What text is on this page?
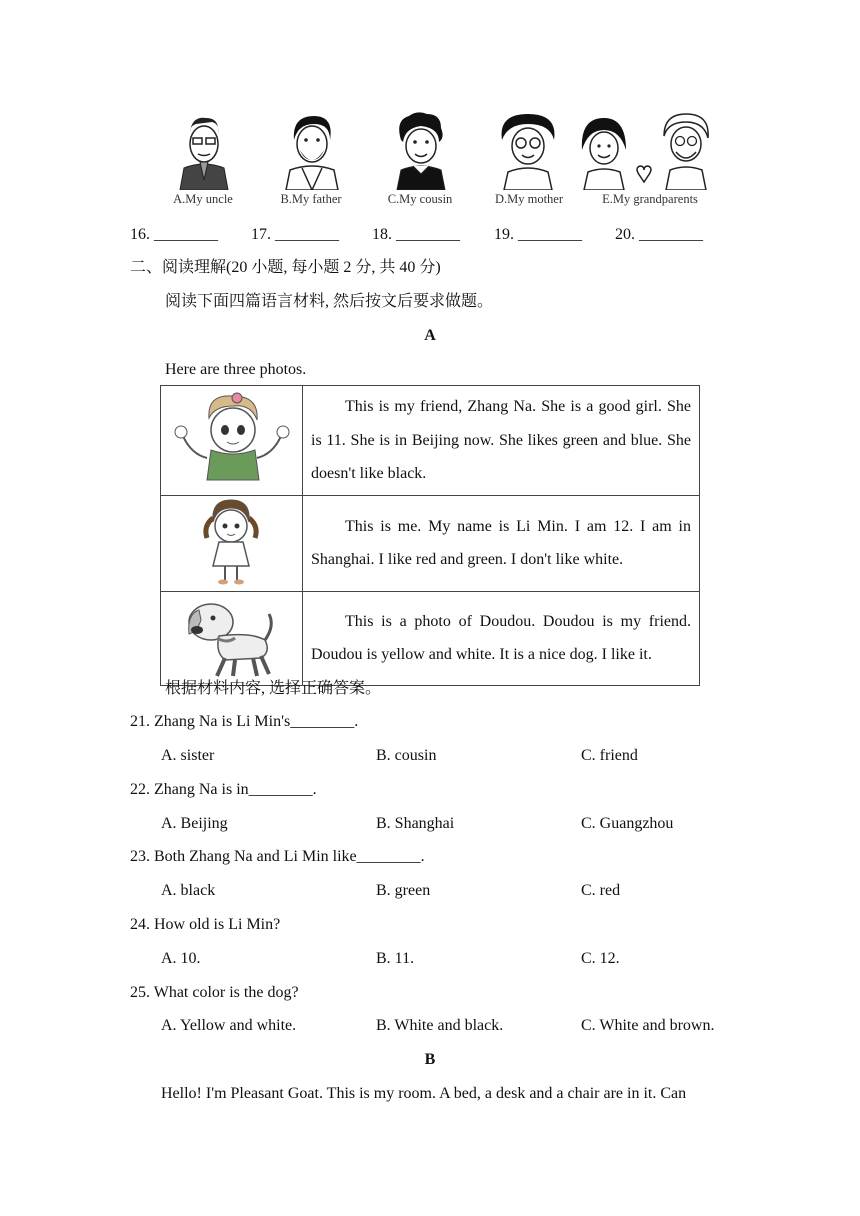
A.My uncle	B.My father	C.My cousin	D.My mother	E.My grandparents
16. ________ 17. ________ 18. ________ 19. ________ 20. ________
二、阅读理解(20 小题, 每小题 2 分, 共 40 分)
阅读下面四篇语言材料, 然后按文后要求做题。
A
Here are three photos.
	This is my friend, Zhang Na. She is a good girl. She is 11. She is in Beijing now. She likes green and blue. She doesn't like black.
	This is me. My name is Li Min. I am 12. I am in Shanghai. I like red and green. I don't like white.
	This is a photo of Doudou. Doudou is my friend. Doudou is yellow and white. It is a nice dog. I like it.
根据材料内容, 选择正确答案。
21. Zhang Na is Li Min's________.
A. sister	B. cousin	C. friend
22. Zhang Na is in________.
A. Beijing	B. Shanghai	C. Guangzhou
23. Both Zhang Na and Li Min like________.
A. black	B. green	C. red
24. How old is Li Min?
A. 10.	B. 11.	C. 12.
25. What color is the dog?
A. Yellow and white.	B. White and black.	C. White and brown.
B
Hello! I'm Pleasant Goat. This is my room. A bed, a desk and a chair are in it. Can
